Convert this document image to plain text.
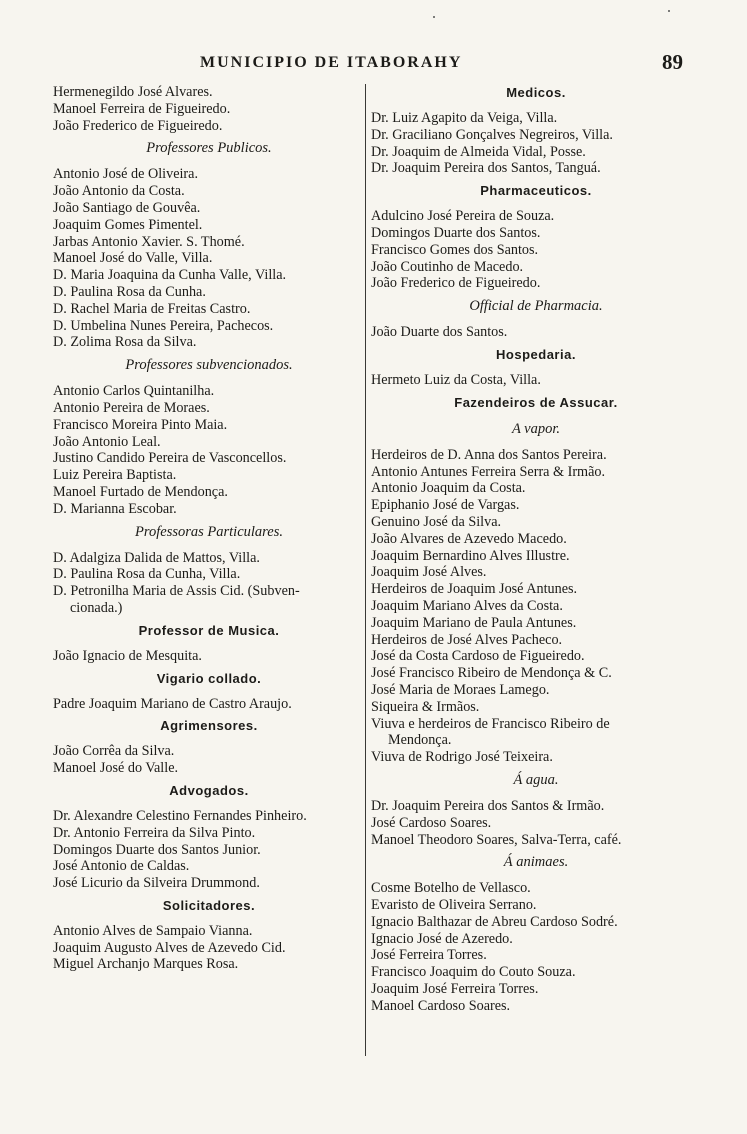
MUNICIPIO DE ITABORAHY	89
Hermenegildo José Alvares.
Manoel Ferreira de Figueiredo.
João Frederico de Figueiredo.
Professores Publicos.
Antonio José de Oliveira.
João Antonio da Costa.
João Santiago de Gouvêa.
Joaquim Gomes Pimentel.
Jarbas Antonio Xavier. S. Thomé.
Manoel José do Valle, Villa.
D. Maria Joaquina da Cunha Valle, Villa.
D. Paulina Rosa da Cunha.
D. Rachel Maria de Freitas Castro.
D. Umbelina Nunes Pereira, Pachecos.
D. Zolima Rosa da Silva.
Professores subvencionados.
Antonio Carlos Quintanilha.
Antonio Pereira de Moraes.
Francisco Moreira Pinto Maia.
João Antonio Leal.
Justino Candido Pereira de Vasconcellos.
Luiz Pereira Baptista.
Manoel Furtado de Mendonça.
D. Marianna Escobar.
Professoras Particulares.
D. Adalgiza Dalida de Mattos, Villa.
D. Paulina Rosa da Cunha, Villa.
D. Petronilha Maria de Assis Cid. (Subven-
cionada.)
Professor de Musica.
João Ignacio de Mesquita.
Vigario collado.
Padre Joaquim Mariano de Castro Araujo.
Agrimensores.
João Corrêa da Silva.
Manoel José do Valle.
Advogados.
Dr. Alexandre Celestino Fernandes Pinheiro.
Dr. Antonio Ferreira da Silva Pinto.
Domingos Duarte dos Santos Junior.
José Antonio de Caldas.
José Licurio da Silveira Drummond.
Solicitadores.
Antonio Alves de Sampaio Vianna.
Joaquim Augusto Alves de Azevedo Cid.
Miguel Archanjo Marques Rosa.
Medicos.
Dr. Luiz Agapito da Veiga, Villa.
Dr. Graciliano Gonçalves Negreiros, Villa.
Dr. Joaquim de Almeida Vidal, Posse.
Dr. Joaquim Pereira dos Santos, Tanguá.
Pharmaceuticos.
Adulcino José Pereira de Souza.
Domingos Duarte dos Santos.
Francisco Gomes dos Santos.
João Coutinho de Macedo.
João Frederico de Figueiredo.
Official de Pharmacia.
João Duarte dos Santos.
Hospedaria.
Hermeto Luiz da Costa, Villa.
Fazendeiros de Assucar.
A vapor.
Herdeiros de D. Anna dos Santos Pereira.
Antonio Antunes Ferreira Serra & Irmão.
Antonio Joaquim da Costa.
Epiphanio José de Vargas.
Genuino José da Silva.
João Alvares de Azevedo Macedo.
Joaquim Bernardino Alves Illustre.
Joaquim José Alves.
Herdeiros de Joaquim José Antunes.
Joaquim Mariano Alves da Costa.
Joaquim Mariano de Paula Antunes.
Herdeiros de José Alves Pacheco.
José da Costa Cardoso de Figueiredo.
José Francisco Ribeiro de Mendonça & C.
José Maria de Moraes Lamego.
Siqueira & Irmãos.
Viuva e herdeiros de Francisco Ribeiro de
Mendonça.
Viuva de Rodrigo José Teixeira.
Á agua.
Dr. Joaquim Pereira dos Santos & Irmão.
José Cardoso Soares.
Manoel Theodoro Soares, Salva-Terra, café.
Á animaes.
Cosme Botelho de Vellasco.
Evaristo de Oliveira Serrano.
Ignacio Balthazar de Abreu Cardoso Sodré.
Ignacio José de Azeredo.
José Ferreira Torres.
Francisco Joaquim do Couto Souza.
Joaquim José Ferreira Torres.
Manoel Cardoso Soares.
